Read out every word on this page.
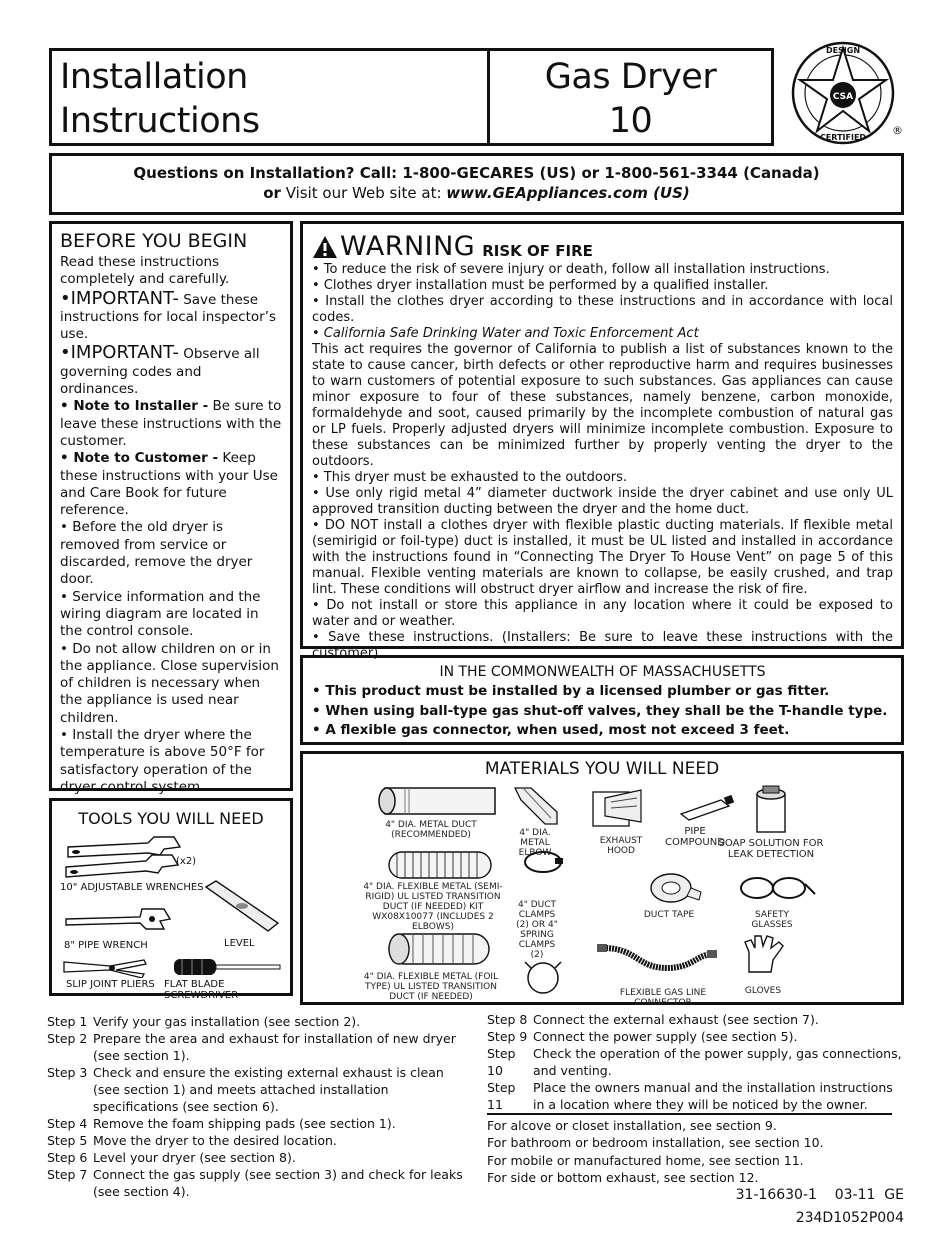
Installation
Instructions
Gas Dryer
10
CSA
DESIGN
CERTIFIED
®
Questions on Installation? Call: 1-800-GECARES (US) or 1-800-561-3344 (Canada)
or Visit our Web site at: www.GEAppliances.com (US)
BEFORE YOU BEGIN

Read these instructions completely and carefully.

•IMPORTANT- Save these instructions for local inspector’s use.

•IMPORTANT- Observe all governing codes and ordinances.

• Note to Installer - Be sure to leave these instructions with the customer.

• Note to Customer - Keep these instructions with your Use and Care Book for future reference.

• Before the old dryer is removed from service or discarded, remove the dryer door.

• Service information and the wiring diagram are located in the control console.

• Do not allow children on or in the appliance. Close supervision of children is necessary when the appliance is used near children.

• Install the dryer where the temperature is above 50°F for satisfactory operation of the dryer control system.

WARNING RISK OF FIRE

• To reduce the risk of severe injury or death, follow all installation instructions.

• Clothes dryer installation must be performed by a qualified installer.

• Install the clothes dryer according to these instructions and in accordance with local codes.

• California Safe Drinking Water and Toxic Enforcement Act

This act requires the governor of California to publish a list of substances known to the state to cause cancer, birth defects or other reproductive harm and requires businesses to warn customers of potential exposure to such substances. Gas appliances can cause minor exposure to four of these substances, namely benzene, carbon monoxide, formaldehyde and soot, caused primarily by the incomplete combustion of natural gas or LP fuels. Properly adjusted dryers will minimize incomplete combustion. Exposure to these substances can be minimized further by properly venting the dryer to the outdoors.

• This dryer must be exhausted to the outdoors.

• Use only rigid metal 4” diameter ductwork inside the dryer cabinet and use only UL approved transition ducting between the dryer and the home duct.

• DO NOT install a clothes dryer with flexible plastic ducting materials. If flexible metal (semirigid or foil-type) duct is installed, it must be UL listed and installed in accordance with the instructions found in “Connecting The Dryer To House Vent” on page 5 of this manual. Flexible venting materials are known to collapse, be easily crushed, and trap lint. These conditions will obstruct dryer airflow and increase the risk of fire.

• Do not install or store this appliance in any location where it could be exposed to water and or weather.

• Save these instructions. (Installers: Be sure to leave these instructions with the customer).

IN THE COMMONWEALTH OF MASSACHUSETTS
• This product must be installed by a licensed plumber or gas fitter.
• When using ball-type gas shut-off valves, they shall be the T-handle type.
• A flexible gas connector, when used, most not exceed 3 feet.
MATERIALS YOU WILL NEED
4" DIA. METAL DUCT (RECOMMENDED)	4" DIA. METAL ELBOW
EXHAUST HOOD
PIPE COMPOUND
SOAP SOLUTION FOR LEAK DETECTION
4" DIA. FLEXIBLE METAL (SEMI-RIGID) UL LISTED TRANSITION DUCT (IF NEEDED) KIT WX08X10077 (INCLUDES 2 ELBOWS)
4" DUCT CLAMPS (2) OR 4" SPRING CLAMPS (2)
DUCT TAPE	SAFETY GLASSES
4" DIA. FLEXIBLE METAL (FOIL TYPE) UL LISTED TRANSITION DUCT (IF NEEDED)	FLEXIBLE GAS LINE CONNECTOR
GLOVES
TOOLS YOU WILL NEED
(x2)
10" ADJUSTABLE WRENCHES
LEVEL
8" PIPE WRENCH
SLIP JOINT PLIERS FLAT BLADE SCREWDRIVER
Step 1 Verify your gas installation (see section 2).
Step 2 Prepare the area and exhaust for installation of new dryer (see section 1).
Step 3 Check and ensure the existing external exhaust is clean (see section 1) and meets attached installation specifications (see section 6).
Step 4 Remove the foam shipping pads (see section 1).
Step 5 Move the dryer to the desired location.
Step 6 Level your dryer (see section 8).
Step 7 Connect the gas supply (see section 3) and check for leaks (see section 4).
Step 8 Connect the external exhaust (see section 7).
Step 9 Connect the power supply (see section 5).
Step 10
Check the operation of the power supply, gas connections, and venting.
Step 11
Place the owners manual and the installation instructions in a location where they will be noticed by the owner.
For alcove or closet installation, see section 9.
For bathroom or bedroom installation, see section 10.
For mobile or manufactured home, see section 11.
For side or bottom exhaust, see section 12.
31-16630-1    03-11  GE
234D1052P004
